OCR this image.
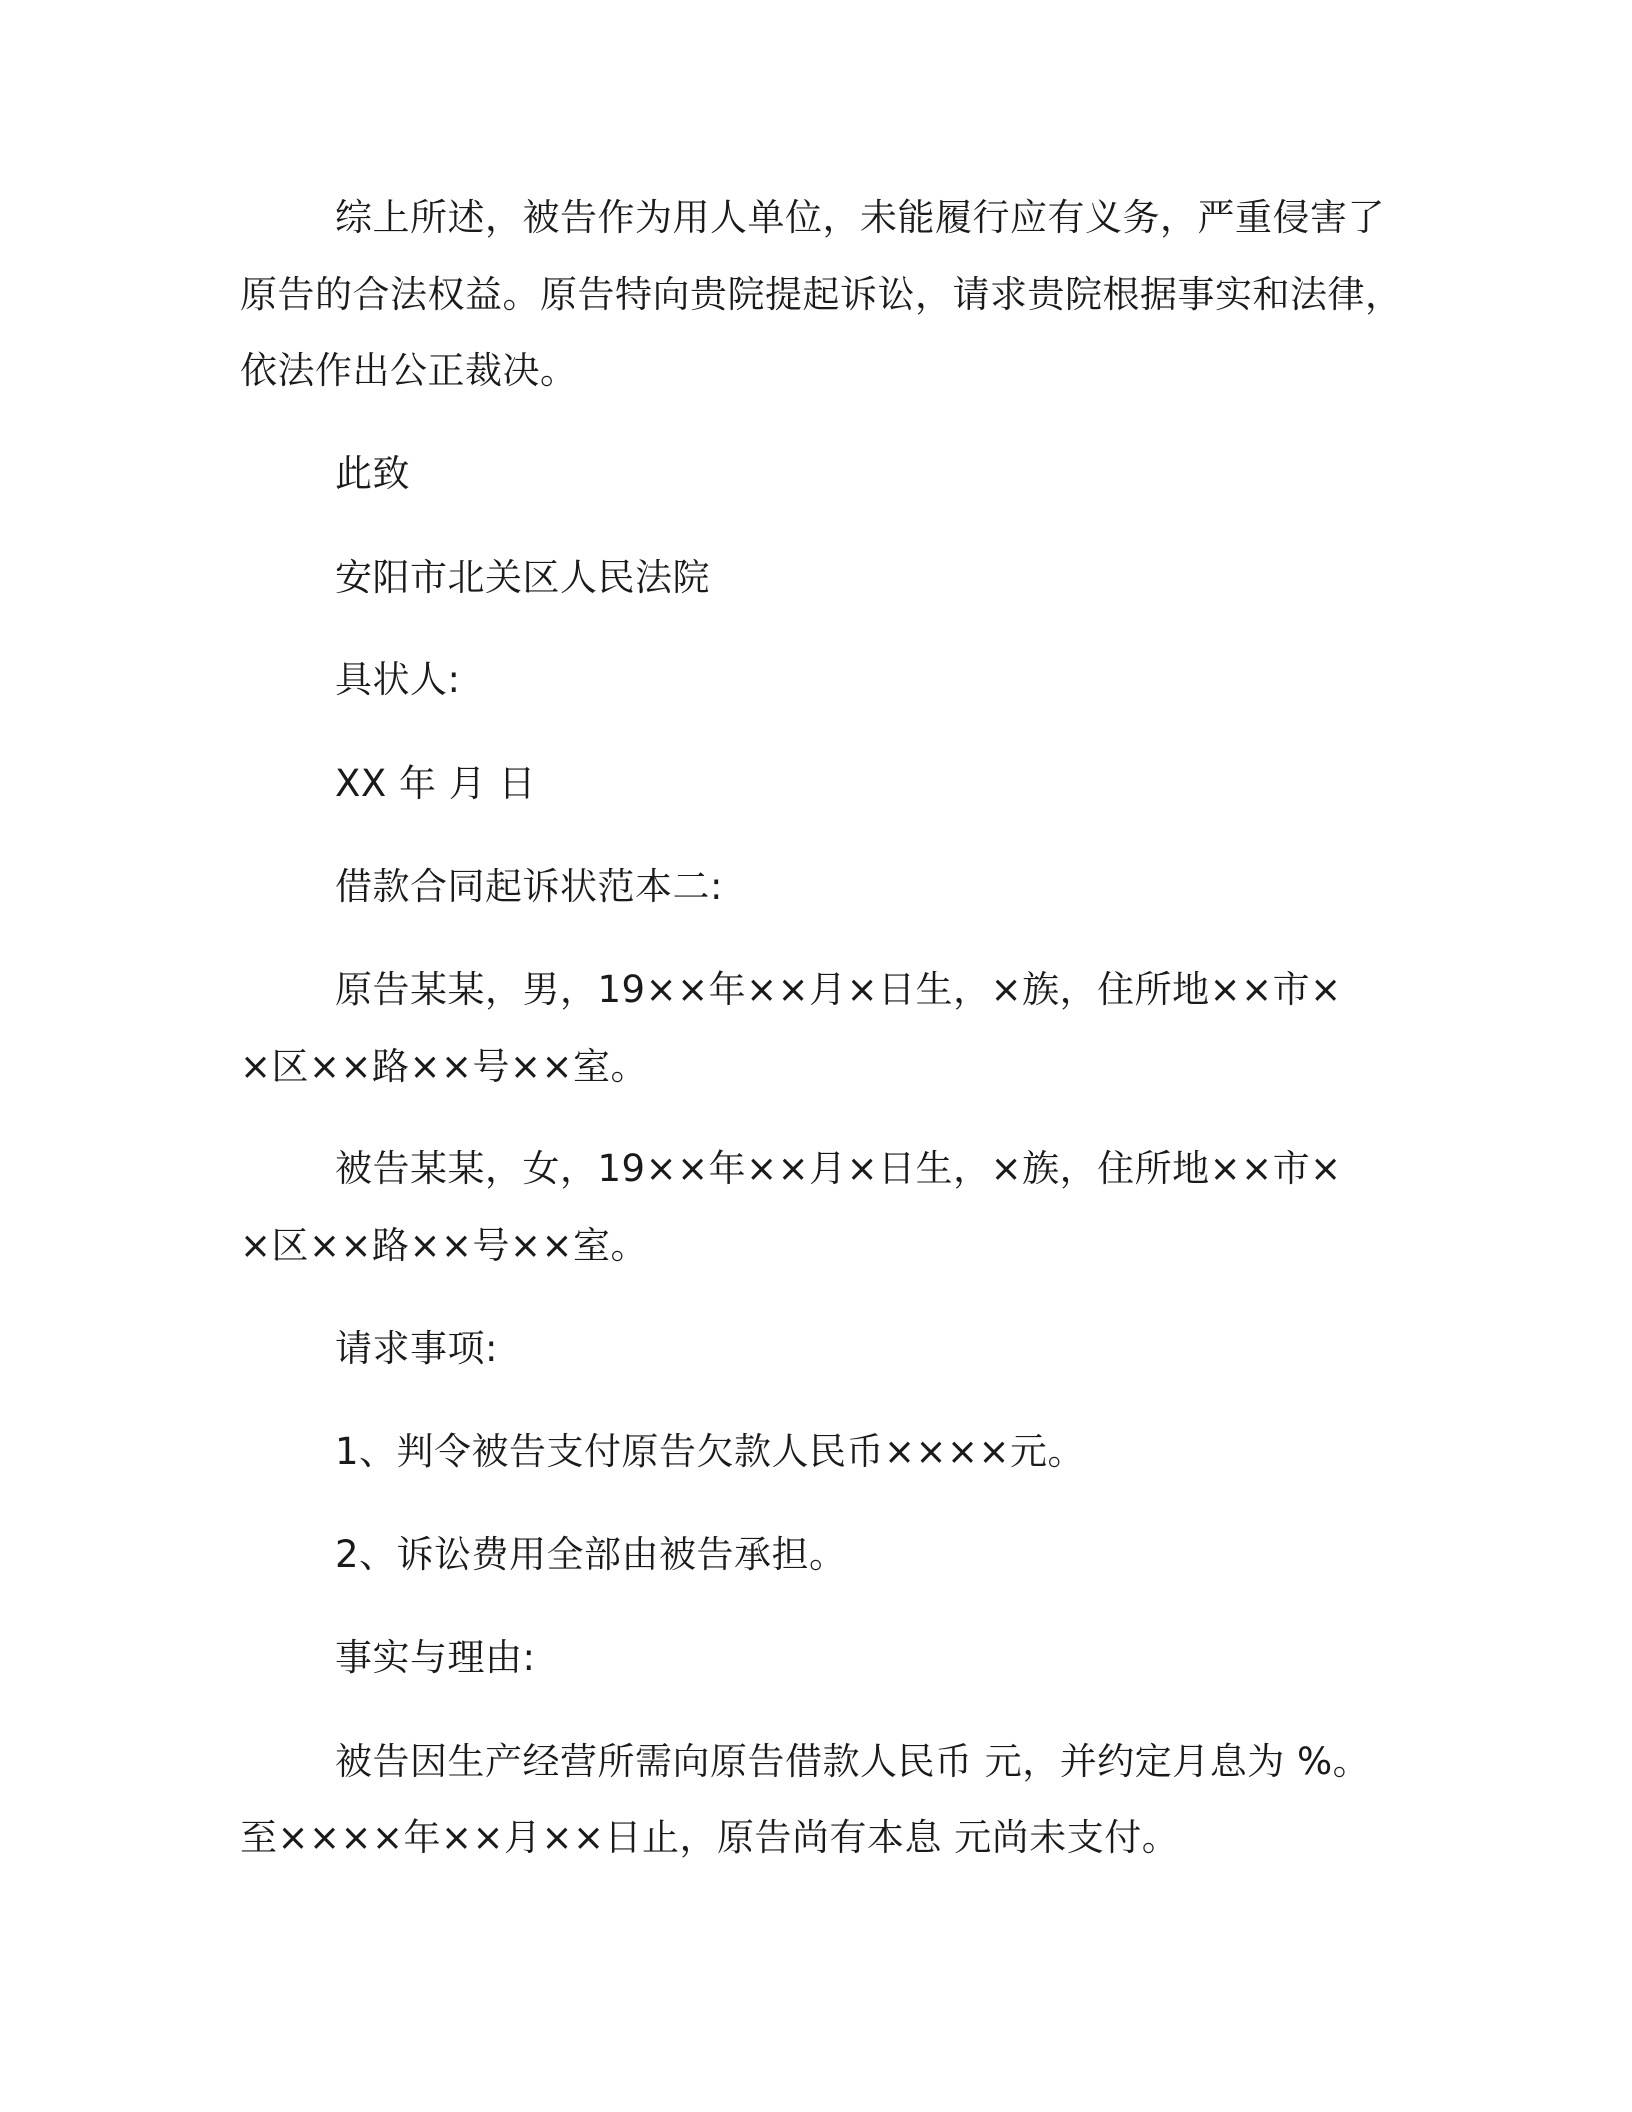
综上所述，被告作为用人单位，未能履行应有义务，严重侵害了
原告的合法权益。原告特向贵院提起诉讼，请求贵院根据事实和法律，
依法作出公正裁决。
此致
安阳市北关区人民法院
具状人:
XX 年 月 日
借款合同起诉状范本二:
原告某某，男，19××年××月×日生，×族，住所地××市×
×区××路××号××室。
被告某某，女，19××年××月×日生，×族，住所地××市×
×区××路××号××室。
请求事项:
1、判令被告支付原告欠款人民币××××元。
2、诉讼费用全部由被告承担。
事实与理由:
被告因生产经营所需向原告借款人民币 元，并约定月息为 %。
至××××年××月××日止，原告尚有本息 元尚未支付。
